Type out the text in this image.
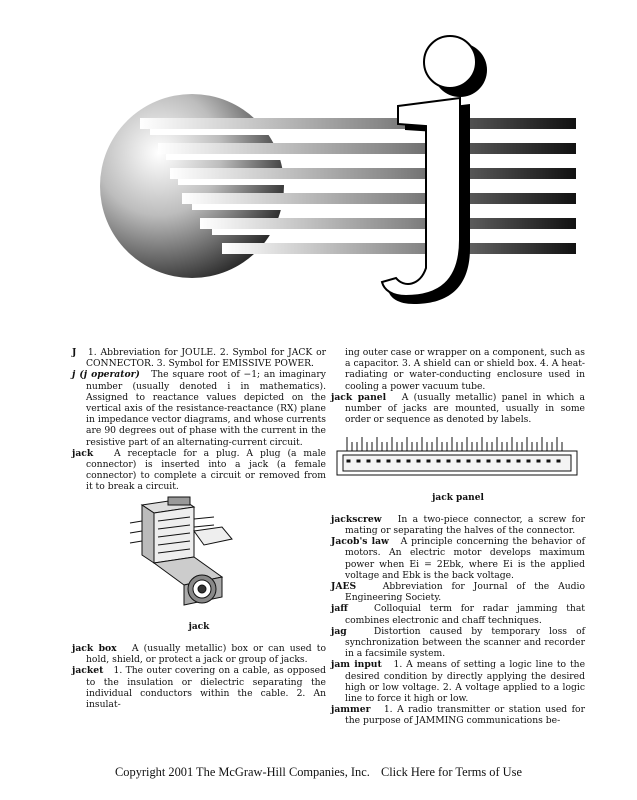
J 1. Abbreviation for JOULE. 2. Symbol for JACK or CONNECTOR. 3. Symbol for EMISSIVE POWER.

j (j operator) The square root of −1; an imaginary number (usually denoted i in mathematics). Assigned to reactance values depicted on the vertical axis of the resistance-reactance (RX) plane in impedance vector diagrams, and whose currents are 90 degrees out of phase with the current in the resistive part of an alternating-current circuit.

jack A receptacle for a plug. A plug (a male connector) is inserted into a jack (a female connector) to complete a circuit or removed from it to break a circuit.

jack

jack box A (usually metallic) box or can used to hold, shield, or protect a jack or group of jacks.

jacket 1. The outer covering on a cable, as opposed to the insulation or dielectric separating the individual conductors within the cable. 2. An insulat-

ing outer case or wrapper on a component, such as a capacitor. 3. A shield can or shield box. 4. A heat-radiating or water-conducting enclosure used in cooling a power vacuum tube.

jack panel A (usually metallic) panel in which a number of jacks are mounted, usually in some order or sequence as denoted by labels.

jack panel

jackscrew In a two-piece connector, a screw for mating or separating the halves of the connector.

Jacob's law A principle concerning the behavior of motors. An electric motor develops maximum power when Ei = 2Ebk, where Ei is the applied voltage and Ebk is the back voltage.

JAES	Abbreviation for Journal of the Audio Engineering Society.

jaff	Colloquial term for radar jamming that combines electronic and chaff techniques.

jag	Distortion caused by temporary loss of synchronization between the scanner and recorder in a facsimile system.

jam input 1. A means of setting a logic line to the desired condition by directly applying the desired high or low voltage. 2. A voltage applied to a logic line to force it high or low.

jammer 1. A radio transmitter or station used for the purpose of JAMMING communications be-

Copyright 2001 The McGraw-Hill Companies, Inc. Click Here for Terms of Use
